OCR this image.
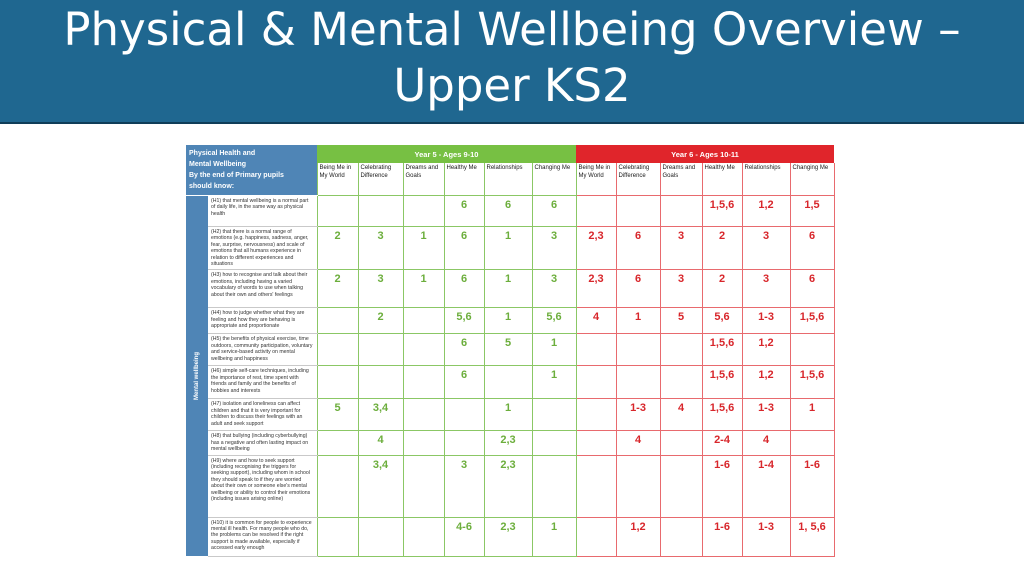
Physical & Mental Wellbeing Overview –
Upper KS2
Physical Health and
Mental Wellbeing
By the end of Primary pupils
should know:		Year 5 - Ages 9-10						Year 6 - Ages 10-11					
		Being Me in My World	Celebrating Difference	Dreams and Goals	Healthy Me	Relationships	Changing Me	Being Me in My World	Celebrating Difference	Dreams and Goals	Healthy Me	Relationships	Changing Me

Mental wellbeing	(H1) that mental wellbeing is a normal part of daily life, in the same way as physical health				6	6	6				1,5,6	1,2	1,5
	(H2) that there is a normal range of emotions (e.g. happiness, sadness, anger, fear, surprise, nervousness) and scale of emotions that all humans experience in relation to different experiences and situations	2	3	1	6	1	3	2,3	6	3	2	3	6
	(H3) how to recognise and talk about their emotions, including having a varied vocabulary of words to use when talking about their own and others' feelings	2	3	1	6	1	3	2,3	6	3	2	3	6
	(H4) how to judge whether what they are feeling and how they are behaving is appropriate and proportionate		2		5,6	1	5,6	4	1	5	5,6	1-3	1,5,6
	(H5) the benefits of physical exercise, time outdoors, community participation, voluntary and service-based activity on mental wellbeing and happiness				6	5	1				1,5,6	1,2	
	(H6) simple self-care techniques, including the importance of rest, time spent with friends and family and the benefits of hobbies and interests				6		1				1,5,6	1,2	1,5,6
	(H7) isolation and loneliness can affect children and that it is very important for children to discuss their feelings with an adult and seek support	5	3,4			1			1-3	4	1,5,6	1-3	1
	(H8) that bullying (including cyberbullying) has a negative and often lasting impact on mental wellbeing		4			2,3			4		2-4	4	
	(H9) where and how to seek support (including recognising the triggers for seeking support), including whom in school they should speak to if they are worried about their own or someone else's mental wellbeing or ability to control their emotions (including issues arising online)		3,4		3	2,3					1-6	1-4	1-6
	(H10) it is common for people to experience mental ill health. For many people who do, the problems can be resolved if the right support is made available, especially if accessed early enough				4-6	2,3	1		1,2		1-6	1-3	1, 5,6
